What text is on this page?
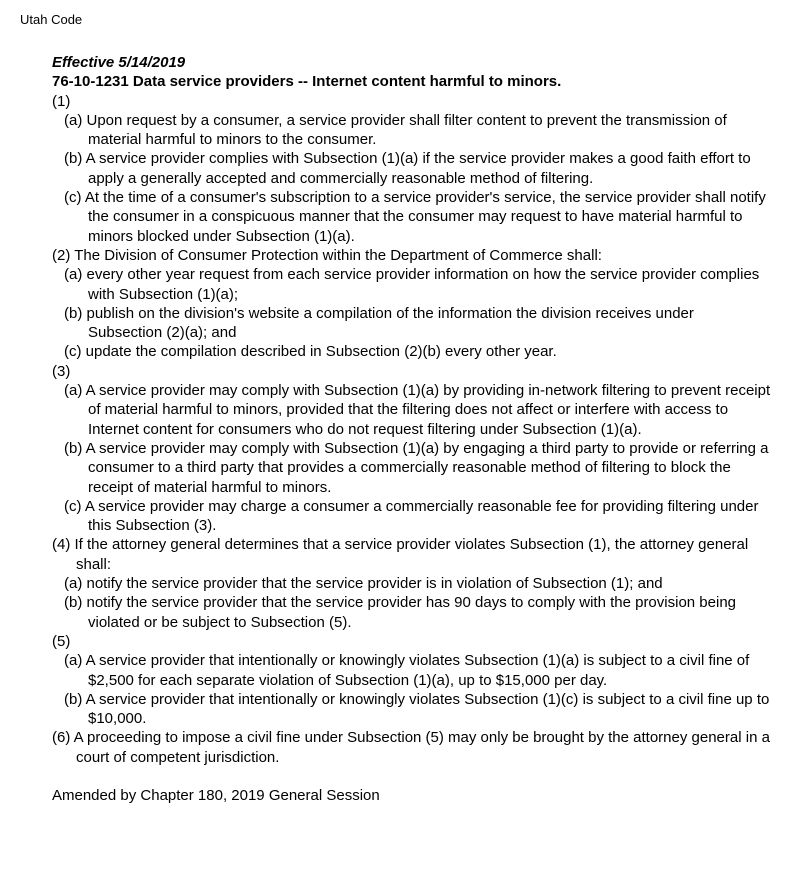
Utah Code
Effective 5/14/2019
76-10-1231 Data service providers -- Internet content harmful to minors.
(1)
(a) Upon request by a consumer, a service provider shall filter content to prevent the transmission of material harmful to minors to the consumer.
(b) A service provider complies with Subsection (1)(a) if the service provider makes a good faith effort to apply a generally accepted and commercially reasonable method of filtering.
(c) At the time of a consumer's subscription to a service provider's service, the service provider shall notify the consumer in a conspicuous manner that the consumer may request to have material harmful to minors blocked under Subsection (1)(a).
(2) The Division of Consumer Protection within the Department of Commerce shall:
(a) every other year request from each service provider information on how the service provider complies with Subsection (1)(a);
(b) publish on the division's website a compilation of the information the division receives under Subsection (2)(a); and
(c) update the compilation described in Subsection (2)(b) every other year.
(3)
(a) A service provider may comply with Subsection (1)(a) by providing in-network filtering to prevent receipt of material harmful to minors, provided that the filtering does not affect or interfere with access to Internet content for consumers who do not request filtering under Subsection (1)(a).
(b) A service provider may comply with Subsection (1)(a) by engaging a third party to provide or referring a consumer to a third party that provides a commercially reasonable method of filtering to block the receipt of material harmful to minors.
(c) A service provider may charge a consumer a commercially reasonable fee for providing filtering under this Subsection (3).
(4) If the attorney general determines that a service provider violates Subsection (1), the attorney general shall:
(a) notify the service provider that the service provider is in violation of Subsection (1); and
(b) notify the service provider that the service provider has 90 days to comply with the provision being violated or be subject to Subsection (5).
(5)
(a) A service provider that intentionally or knowingly violates Subsection (1)(a) is subject to a civil fine of $2,500 for each separate violation of Subsection (1)(a), up to $15,000 per day.
(b) A service provider that intentionally or knowingly violates Subsection (1)(c) is subject to a civil fine up to $10,000.
(6) A proceeding to impose a civil fine under Subsection (5) may only be brought by the attorney general in a court of competent jurisdiction.
Amended by Chapter 180, 2019 General Session
